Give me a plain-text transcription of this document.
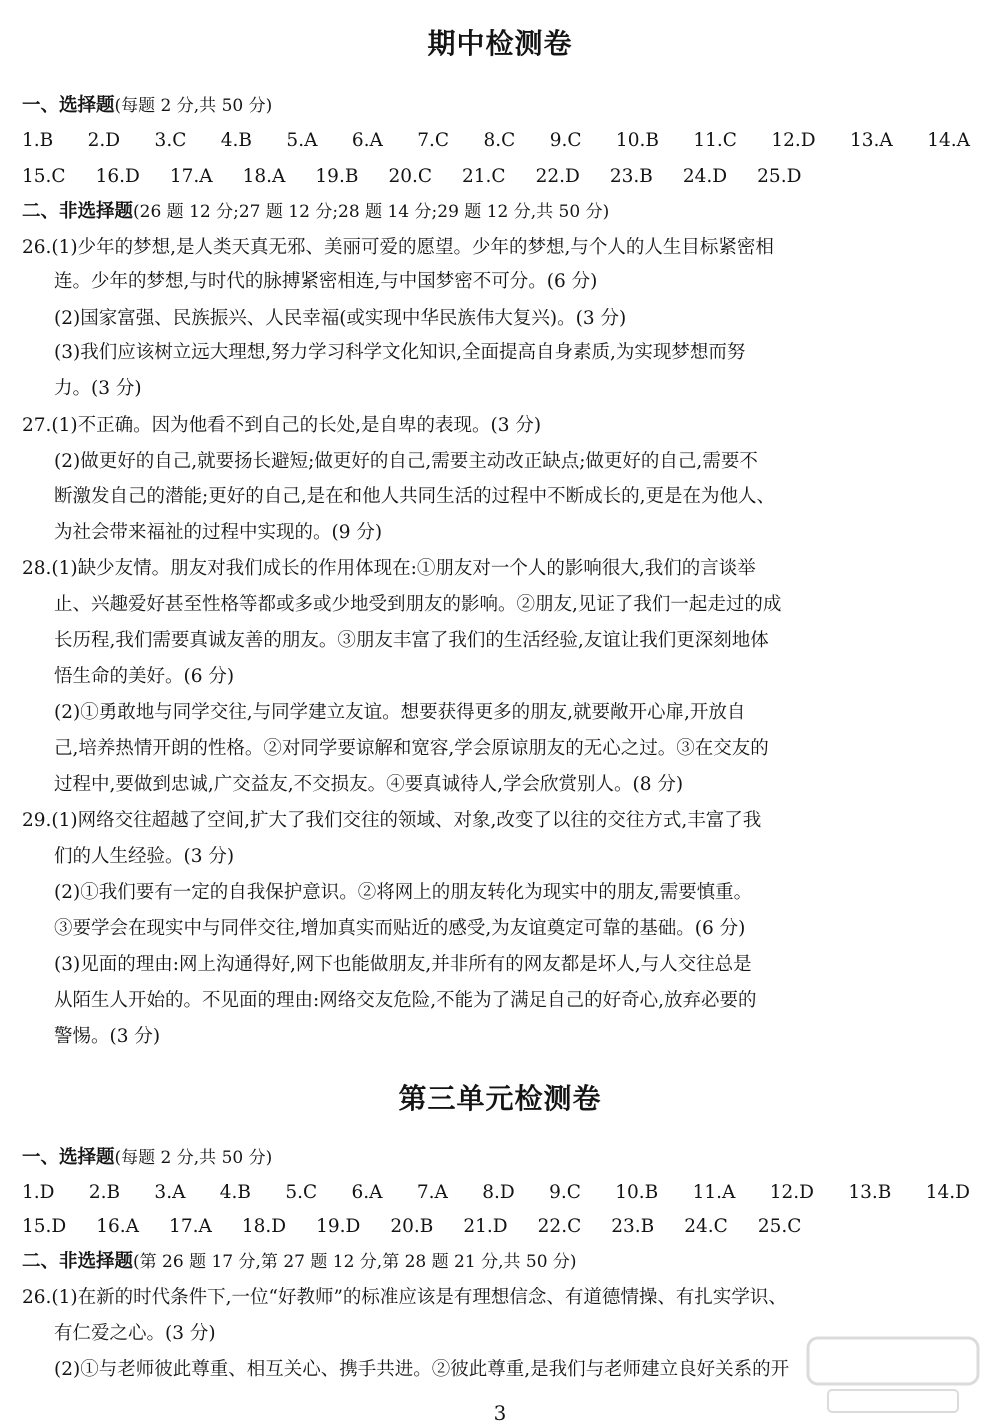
期中检测卷
一、选择题(每题 2 分,共 50 分)
1.B 2.D 3.C 4.B 5.A 6.A 7.C 8.C 9.C 10.B 11.C 12.D 13.A 14.A
15.C 16.D 17.A 18.A 19.B 20.C 21.C 22.D 23.B 24.D 25.D
二、非选择题(26 题 12 分;27 题 12 分;28 题 14 分;29 题 12 分,共 50 分)
26.(1)少年的梦想,是人类天真无邪、美丽可爱的愿望。少年的梦想,与个人的人生目标紧密相
连。少年的梦想,与时代的脉搏紧密相连,与中国梦密不可分。(6 分)
(2)国家富强、民族振兴、人民幸福(或实现中华民族伟大复兴)。(3 分)
(3)我们应该树立远大理想,努力学习科学文化知识,全面提高自身素质,为实现梦想而努
力。(3 分)
27.(1)不正确。因为他看不到自己的长处,是自卑的表现。(3 分)
(2)做更好的自己,就要扬长避短;做更好的自己,需要主动改正缺点;做更好的自己,需要不
断激发自己的潜能;更好的自己,是在和他人共同生活的过程中不断成长的,更是在为他人、
为社会带来福祉的过程中实现的。(9 分)
28.(1)缺少友情。朋友对我们成长的作用体现在:①朋友对一个人的影响很大,我们的言谈举
止、兴趣爱好甚至性格等都或多或少地受到朋友的影响。②朋友,见证了我们一起走过的成
长历程,我们需要真诚友善的朋友。③朋友丰富了我们的生活经验,友谊让我们更深刻地体
悟生命的美好。(6 分)
(2)①勇敢地与同学交往,与同学建立友谊。想要获得更多的朋友,就要敞开心扉,开放自
己,培养热情开朗的性格。②对同学要谅解和宽容,学会原谅朋友的无心之过。③在交友的
过程中,要做到忠诚,广交益友,不交损友。④要真诚待人,学会欣赏别人。(8 分)
29.(1)网络交往超越了空间,扩大了我们交往的领域、对象,改变了以往的交往方式,丰富了我
们的人生经验。(3 分)
(2)①我们要有一定的自我保护意识。②将网上的朋友转化为现实中的朋友,需要慎重。
③要学会在现实中与同伴交往,增加真实而贴近的感受,为友谊奠定可靠的基础。(6 分)
(3)见面的理由:网上沟通得好,网下也能做朋友,并非所有的网友都是坏人,与人交往总是
从陌生人开始的。不见面的理由:网络交友危险,不能为了满足自己的好奇心,放弃必要的
警惕。(3 分)
第三单元检测卷
一、选择题(每题 2 分,共 50 分)
1.D 2.B 3.A 4.B 5.C 6.A 7.A 8.D 9.C 10.B 11.A 12.D 13.B 14.D
15.D 16.A 17.A 18.D 19.D 20.B 21.D 22.C 23.B 24.C 25.C
二、非选择题(第 26 题 17 分,第 27 题 12 分,第 28 题 21 分,共 50 分)
26.(1)在新的时代条件下,一位“好教师”的标准应该是有理想信念、有道德情操、有扎实学识、
有仁爱之心。(3 分)
(2)①与老师彼此尊重、相互关心、携手共进。②彼此尊重,是我们与老师建立良好关系的开
3
